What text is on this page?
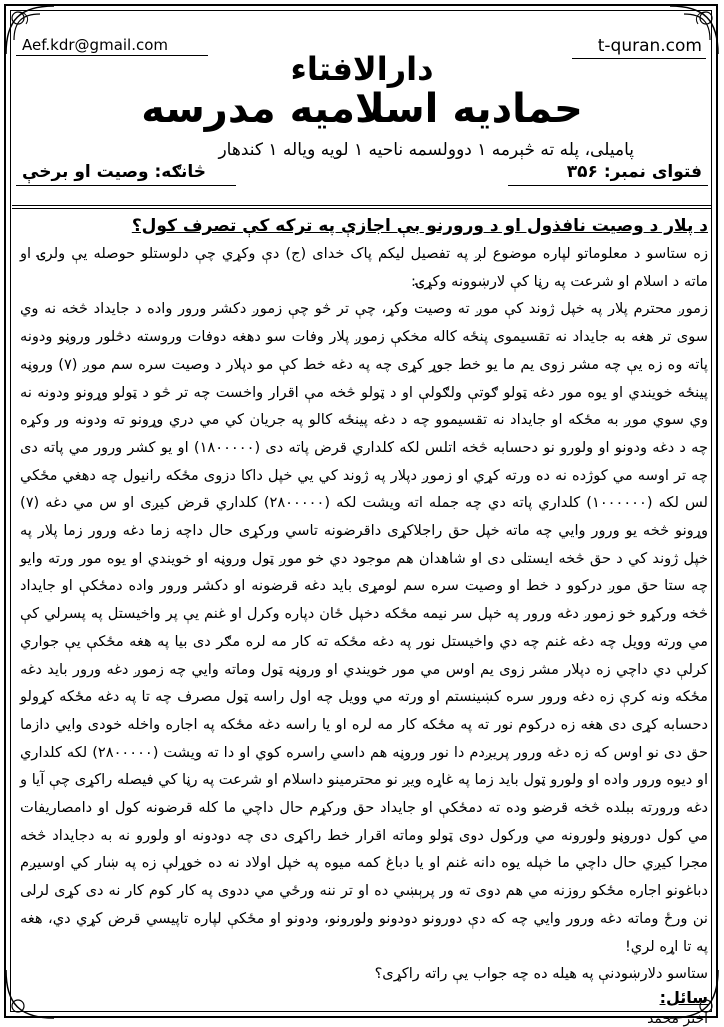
Aef.kdr@gmail.com	t-quran.com
دارالافتاء
حمادیه اسلامیه مدرسه
پامیلی، پله ته څېرمه ۱ دوولسمه ناحیه ۱ لویه ویاله ۱ کندهار
فتوای نمبر: ۳۵۶
څانګه: وصیت او برخې
د پلار د وصیت نافذول او د ورورنو بې اجازې په ترکه کې تصرف کول؟

زه ستاسو د معلوماتو لپاره موضوع لږ په تفصیل لیکم پاک خدای (ج) دې وکړي چې دلوستلو حوصله یې ولرۍ او ماته د اسلام او شرعت په رڼا کې لارښوونه وکړۍ:

زموږ محترم پلار په خپل ژوند کې موږ ته وصیت وکړ، چې تر څو چې زموږ دکشر ورور واده د جایداد څخه نه وي سوی تر هغه به جایداد نه تقسیموی پنځه کاله مخکې زموږ پلار وفات سو دهغه دوفات وروسته دڅلور وروڼو ودونه پاته وه زه یې چه مشر زوی یم ما یو خط جوړ کړی چه په دغه خط کې مو دپلار د وصیت سره سم موږ (۷) وروڼه پینځه خویندي او یوه مور دغه ټولو ګوتې ولګولې او د ټولو څخه مې اقرار واخست چه تر څو د ټولو وړونو ودونه نه وي سوي موږ به مځکه او جایداد نه تقسیموو چه د دغه پینځه کالو په جریان کي مي دري وړونو ته ودونه ور وکړه چه د دغه ودونو او ولورو نو دحسابه څخه اتلس لکه کلداري قرض پاته دی (۱۸۰۰۰۰۰) او یو کشر ورور مي پاته دی چه تر اوسه مي کوژده نه ده ورته کړي او زموږ دپلار په ژوند کي یي خپل داکا دزوی مځکه رانیول چه دهغي مځکي لس لکه (۱۰۰۰۰۰۰) کلداري پاته دي چه جمله اته ویشت لکه (۲۸۰۰۰۰۰) کلداري قرض کیږی او س مي دغه (۷) وړونو څخه یو ورور وایي چه ماته خپل حق راجلاکړی داقرضونه تاسي ورکړی حال داچه زما دغه ورور زما پلار په خپل ژوند کي د حق څخه ایستلی دی او شاهدان هم موجود دي خو موږ ټول وروڼه او خویندي او یوه مور ورته وایو چه ستا حق موږ درکوو د خط او وصیت سره سم لومړی باید دغه قرضونه او دکشر ورور واده دمځکې او جایداد څخه ورکړو خو زموږ دغه ورور په خپل سر نیمه مځکه دخپل ځان دپاره وکرل او غنم یې پر واخیستل په پسرلي کې مي ورته وویل چه دغه غنم چه دي واخیستل نور په دغه مځکه ته کار مه لره مګر دی بیا په هغه مځکې یې جواري کرلې دي داچي زه دپلار مشر زوی یم اوس مي مور خویندي او وروڼه ټول وماته وایي چه زموږ دغه ورور باید دغه مځکه ونه کرې زه دغه ورور سره کښینستم او ورته مي وویل چه اول راسه ټول مصرف چه تا په دغه مځکه کړولو دحسابه کړی دی هغه زه درکوم نور ته په مځکه کار مه لره او یا راسه دغه مځکه په اجاره واخله خودی وایي دازما حق دی نو اوس که زه دغه ورور پریږدم دا نور وروڼه هم داسي راسره کوي او دا ته ویشت (۲۸۰۰۰۰۰) لکه کلداري او دیوه ورور واده او ولورو ټول باید زما په غاړه ويږ نو محترمینو داسلام او شرعت په رڼا کي فیصله راکړی چې آیا و دغه ورورته ببلده څخه قرضو وده ته دمځکې او جایداد حق ورکړم حال داچي ما کله قرضونه کول او دامصاریفات مي کول دوروڼو ولورونه مي ورکول دوی ټولو وماته اقرار خط راکړی دی چه دودونه او ولورو نه به دجایداد څخه مجرا کیږي حال داچي ما خپله یوه دانه غنم او یا دباغ کمه میوه په خپل اولاد نه ده خوړلې زه په ښار کي اوسیږم دباغونو اجاره مځکو روزنه مي هم دوی ته ور پرېښي ده او تر ننه ورځي مي ددوی په کار کوم کار نه دی کړی لرلی نن ورځ وماته دغه ورور وایي چه که دې دورونو دودونو ولورونو، ودونو او مځکې لپاره تاپیسي قرض کړي دي، هغه په تا اړه لري!

ستاسو دلارښودنې په هیله ده چه جواب یې راته راکړی؟

سائل:
اختر محمد
